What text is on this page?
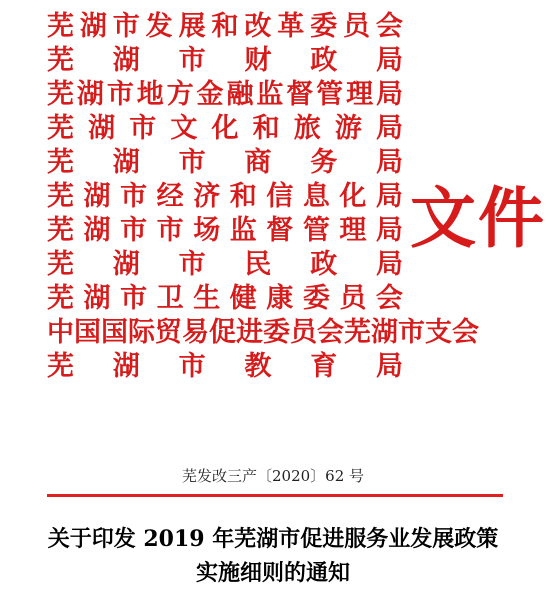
芜 湖 市 发 展 和 改 革 委 员 会
芜 湖 市 财 政 局
芜 湖 市 地 方 金 融 监 督 管 理 局
芜 湖 市 文 化 和 旅 游 局
芜 湖 市 商 务 局
芜 湖 市 经 济 和 信 息 化 局
芜 湖 市 市 场 监 督 管 理 局
芜 湖 市 民 政 局
芜 湖 市 卫 生 健 康 委 员 会
中 国 国 际 贸 易 促 进 委 员 会 芜 湖 市 支 会
芜 湖 市 教 育 局
文件
芜发改三产〔2020〕62 号
关于印发 2019 年芜湖市促进服务业发展政策
实施细则的通知
